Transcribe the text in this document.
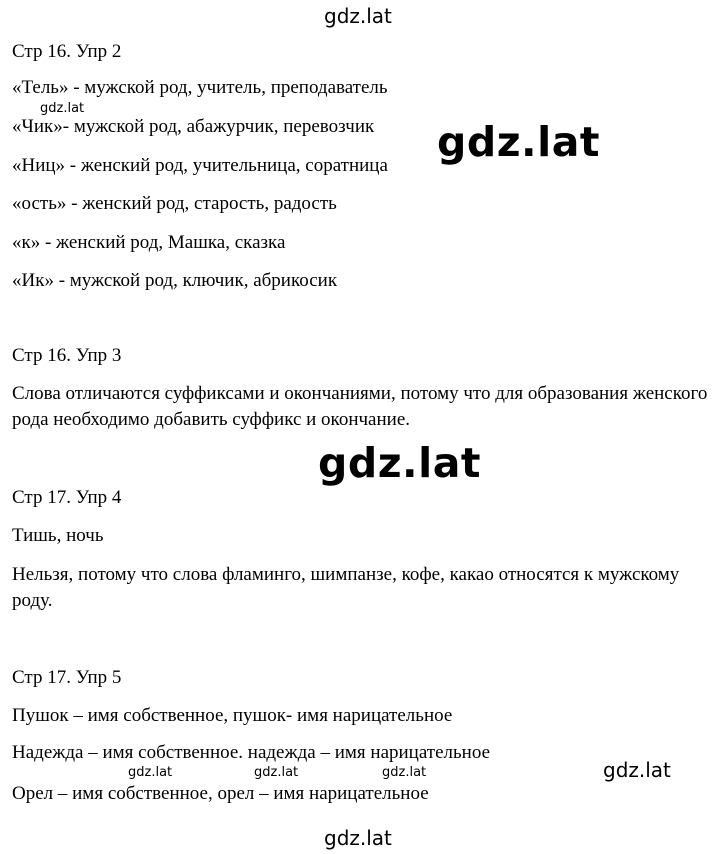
gdz.lat
gdz.lat
gdz.lat
gdz.lat
gdz.lat	gdz.lat	gdz.lat	gdz.lat
gdz.lat
Стр 16. Упр 2
«Тель» - мужской род, учитель, преподаватель
«Чик»- мужской род, абажурчик, перевозчик
«Ниц» - женский род, учительница, соратница
«ость» - женский род, старость, радость
«к» - женский род, Машка, сказка
«Ик» - мужской род, ключик, абрикосик
Стр 16. Упр 3
Слова отличаются суффиксами и окончаниями, потому что для образования женского рода необходимо добавить суффикс и окончание.
Стр 17. Упр 4
Тишь, ночь
Нельзя, потому что слова фламинго, шимпанзе, кофе, какао относятся к мужскому роду.
Стр 17. Упр 5
Пушок – имя собственное, пушок- имя нарицательное
Надежда – имя собственное. надежда – имя нарицательное
Орел – имя собственное, орел – имя нарицательное
